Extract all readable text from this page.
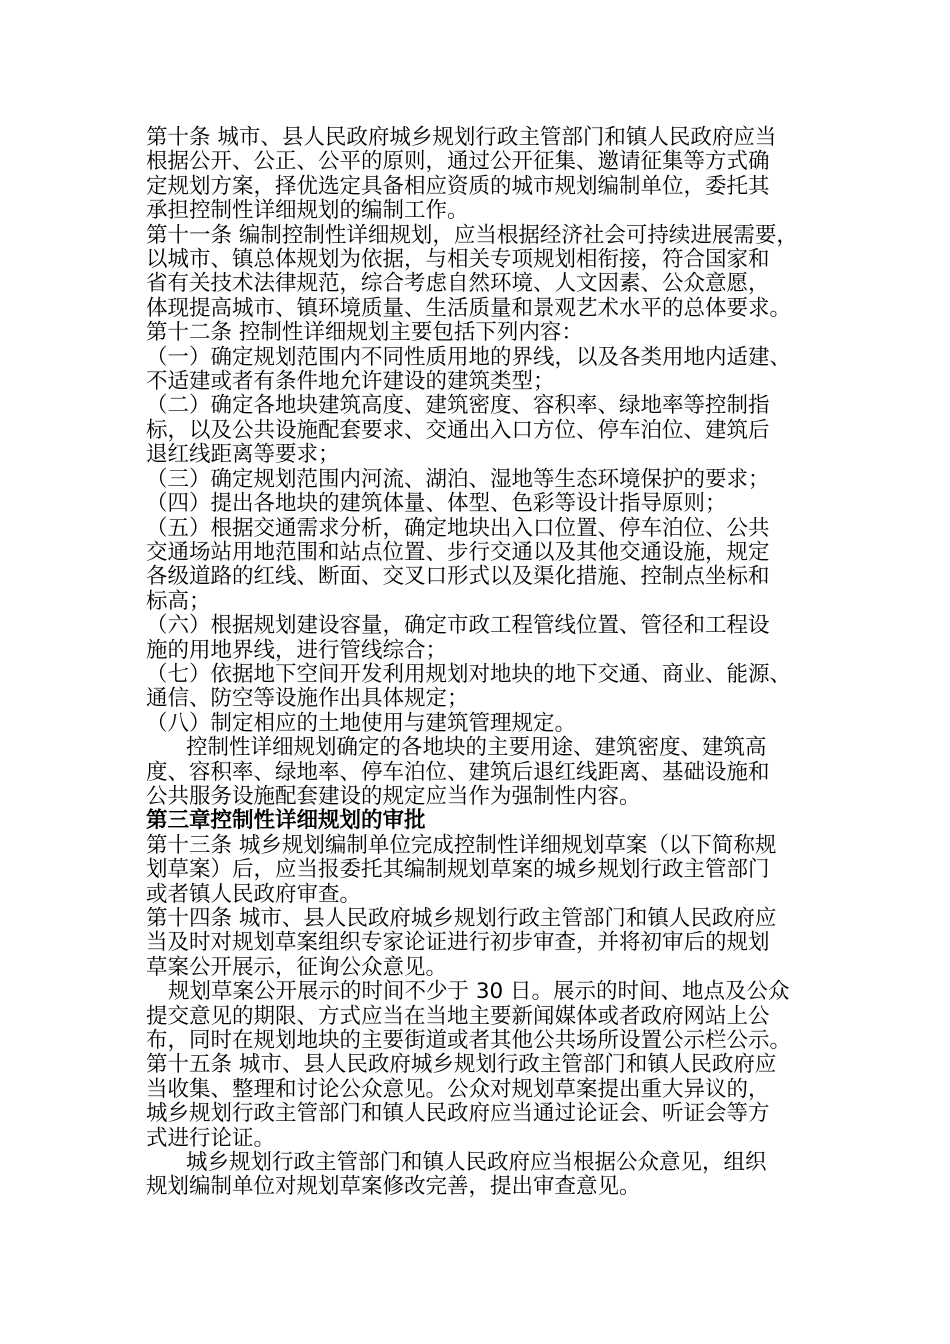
第十条 城市、县人民政府城乡规划行政主管部门和镇人民政府应当
根据公开、公正、公平的原则，通过公开征集、邀请征集等方式确
定规划方案，择优选定具备相应资质的城市规划编制单位，委托其
承担控制性详细规划的编制工作。
第十一条 编制控制性详细规划，应当根据经济社会可持续进展需要，
以城市、镇总体规划为依据，与相关专项规划相衔接，符合国家和
省有关技术法律规范，综合考虑自然环境、人文因素、公众意愿，
体现提高城市、镇环境质量、生活质量和景观艺术水平的总体要求。
第十二条 控制性详细规划主要包括下列内容：
（一）确定规划范围内不同性质用地的界线，以及各类用地内适建、
不适建或者有条件地允许建设的建筑类型；
（二）确定各地块建筑高度、建筑密度、容积率、绿地率等控制指
标，以及公共设施配套要求、交通出入口方位、停车泊位、建筑后
退红线距离等要求；
（三）确定规划范围内河流、湖泊、湿地等生态环境保护的要求；
（四）提出各地块的建筑体量、体型、色彩等设计指导原则；
（五）根据交通需求分析，确定地块出入口位置、停车泊位、公共
交通场站用地范围和站点位置、步行交通以及其他交通设施，规定
各级道路的红线、断面、交叉口形式以及渠化措施、控制点坐标和
标高；
（六）根据规划建设容量，确定市政工程管线位置、管径和工程设
施的用地界线，进行管线综合；
（七）依据地下空间开发利用规划对地块的地下交通、商业、能源、
通信、防空等设施作出具体规定；
（八）制定相应的土地使用与建筑管理规定。
控制性详细规划确定的各地块的主要用途、建筑密度、建筑高
度、容积率、绿地率、停车泊位、建筑后退红线距离、基础设施和
公共服务设施配套建设的规定应当作为强制性内容。
第三章控制性详细规划的审批
第十三条 城乡规划编制单位完成控制性详细规划草案（以下简称规
划草案）后，应当报委托其编制规划草案的城乡规划行政主管部门
或者镇人民政府审查。
第十四条 城市、县人民政府城乡规划行政主管部门和镇人民政府应
当及时对规划草案组织专家论证进行初步审查，并将初审后的规划
草案公开展示，征询公众意见。
规划草案公开展示的时间不少于 30 日。展示的时间、地点及公众
提交意见的期限、方式应当在当地主要新闻媒体或者政府网站上公
布，同时在规划地块的主要街道或者其他公共场所设置公示栏公示。
第十五条 城市、县人民政府城乡规划行政主管部门和镇人民政府应
当收集、整理和讨论公众意见。公众对规划草案提出重大异议的，
城乡规划行政主管部门和镇人民政府应当通过论证会、听证会等方
式进行论证。
城乡规划行政主管部门和镇人民政府应当根据公众意见，组织
规划编制单位对规划草案修改完善，提出审查意见。
